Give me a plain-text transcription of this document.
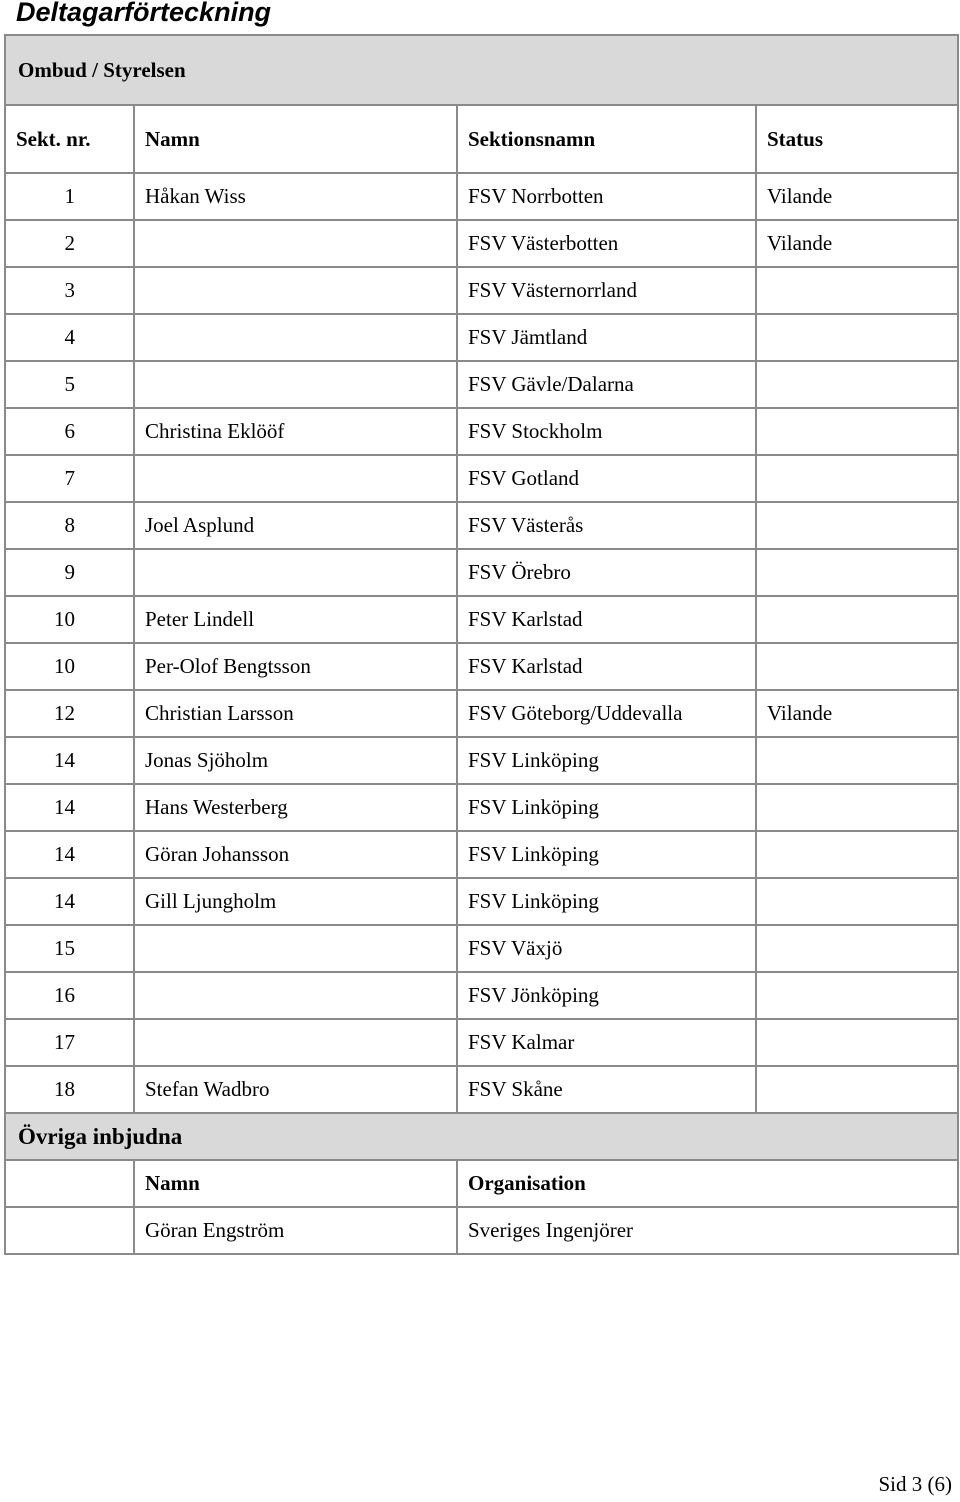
Deltagarförteckning
Ombud / Styrelsen			
Sekt. nr.	Namn	Sektionsnamn	Status
1	Håkan Wiss	FSV Norrbotten	Vilande
2		FSV Västerbotten	Vilande
3		FSV Västernorrland	
4		FSV Jämtland	
5		FSV Gävle/Dalarna	
6	Christina Eklööf	FSV Stockholm	
7		FSV Gotland	
8	Joel Asplund	FSV Västerås	
9		FSV Örebro	
10	Peter Lindell	FSV Karlstad	
10	Per-Olof Bengtsson	FSV Karlstad	
12	Christian Larsson	FSV Göteborg/Uddevalla	Vilande
14	Jonas Sjöholm	FSV Linköping	
14	Hans Westerberg	FSV Linköping	
14	Göran Johansson	FSV Linköping	
14	Gill Ljungholm	FSV Linköping	
15		FSV Växjö	
16		FSV Jönköping	
17		FSV Kalmar	
18	Stefan Wadbro	FSV Skåne	
Övriga inbjudna			
	Namn	Organisation	
	Göran Engström	Sveriges Ingenjörer	
Sid 3 (6)
